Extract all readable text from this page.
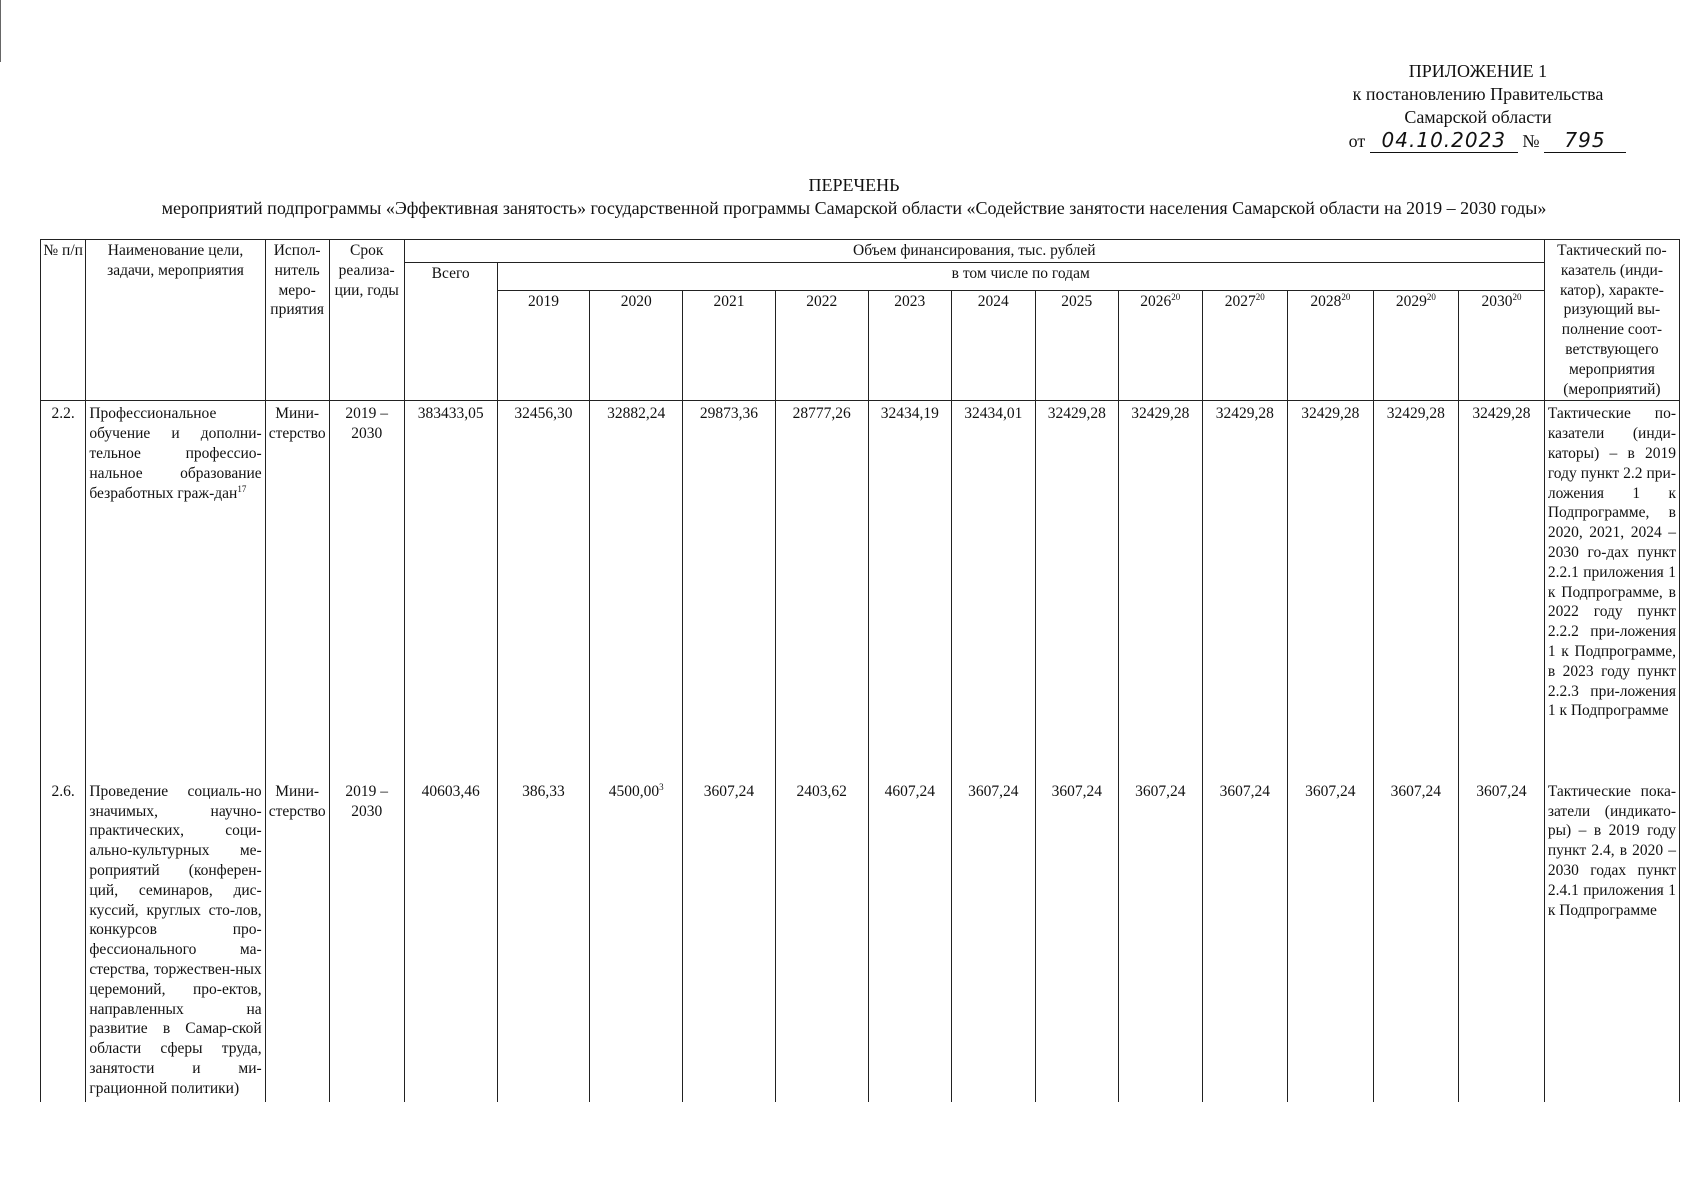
ПРИЛОЖЕНИЕ 1
к постановлению Правительства
Самарской области
от 04.10.2023 № 795
ПЕРЕЧЕНЬ
мероприятий подпрограммы «Эффективная занятость» государственной программы Самарской области «Содействие занятости населения Самарской области на 2019 – 2030 годы»
№ п/п	Наименование цели, задачи, мероприятия	Испол-нитель меро-приятия	Срок реализа-ции, годы	Объем финансирования, тыс. рублей													Тактический по-казатель (инди-катор), характе-ризующий вы-полнение соот-ветствующего мероприятия (мероприятий)
				Всего	в том числе по годам												
					2019	2020	2021	2022	2023	2024	2025	2026$^{20}$	2027$^{20}$	2028$^{20}$	2029$^{20}$	2030$^{20}$
2.2.	Профессиональное обучение и дополни-тельное профессио-нальное образование безработных граж-дан$^{17}$	Мини-стерство	2019 – 2030	383433,05	32456,30	32882,24	29873,36	28777,26	32434,19	32434,01	32429,28	32429,28	32429,28	32429,28	32429,28	32429,28	Тактические по-казатели (инди-каторы) – в 2019 году пункт 2.2 при-ложения 1 к Подпрограмме, в 2020, 2021, 2024 – 2030 го-дах пункт 2.2.1 приложения 1 к Подпрограмме, в 2022 году пункт 2.2.2 при-ложения 1 к Подпрограмме, в 2023 году пункт 2.2.3 при-ложения 1 к Подпрограмме
2.6.	Проведение социаль-но значимых, научно-практических, соци-ально-культурных ме-роприятий (конферен-ций, семинаров, дис-куссий, круглых сто-лов, конкурсов про-фессионального ма-стерства, торжествен-ных церемоний, про-ектов, направленных на развитие в Самар-ской области сферы труда, занятости и ми-грационной политики)	Мини-стерство	2019 – 2030	40603,46	386,33	4500,00$^3$	3607,24	2403,62	4607,24	3607,24	3607,24	3607,24	3607,24	3607,24	3607,24	3607,24	Тактические пока-затели (индикато-ры) – в 2019 году пункт 2.4, в 2020 – 2030 годах пункт 2.4.1 приложения 1 к Подпрограмме
